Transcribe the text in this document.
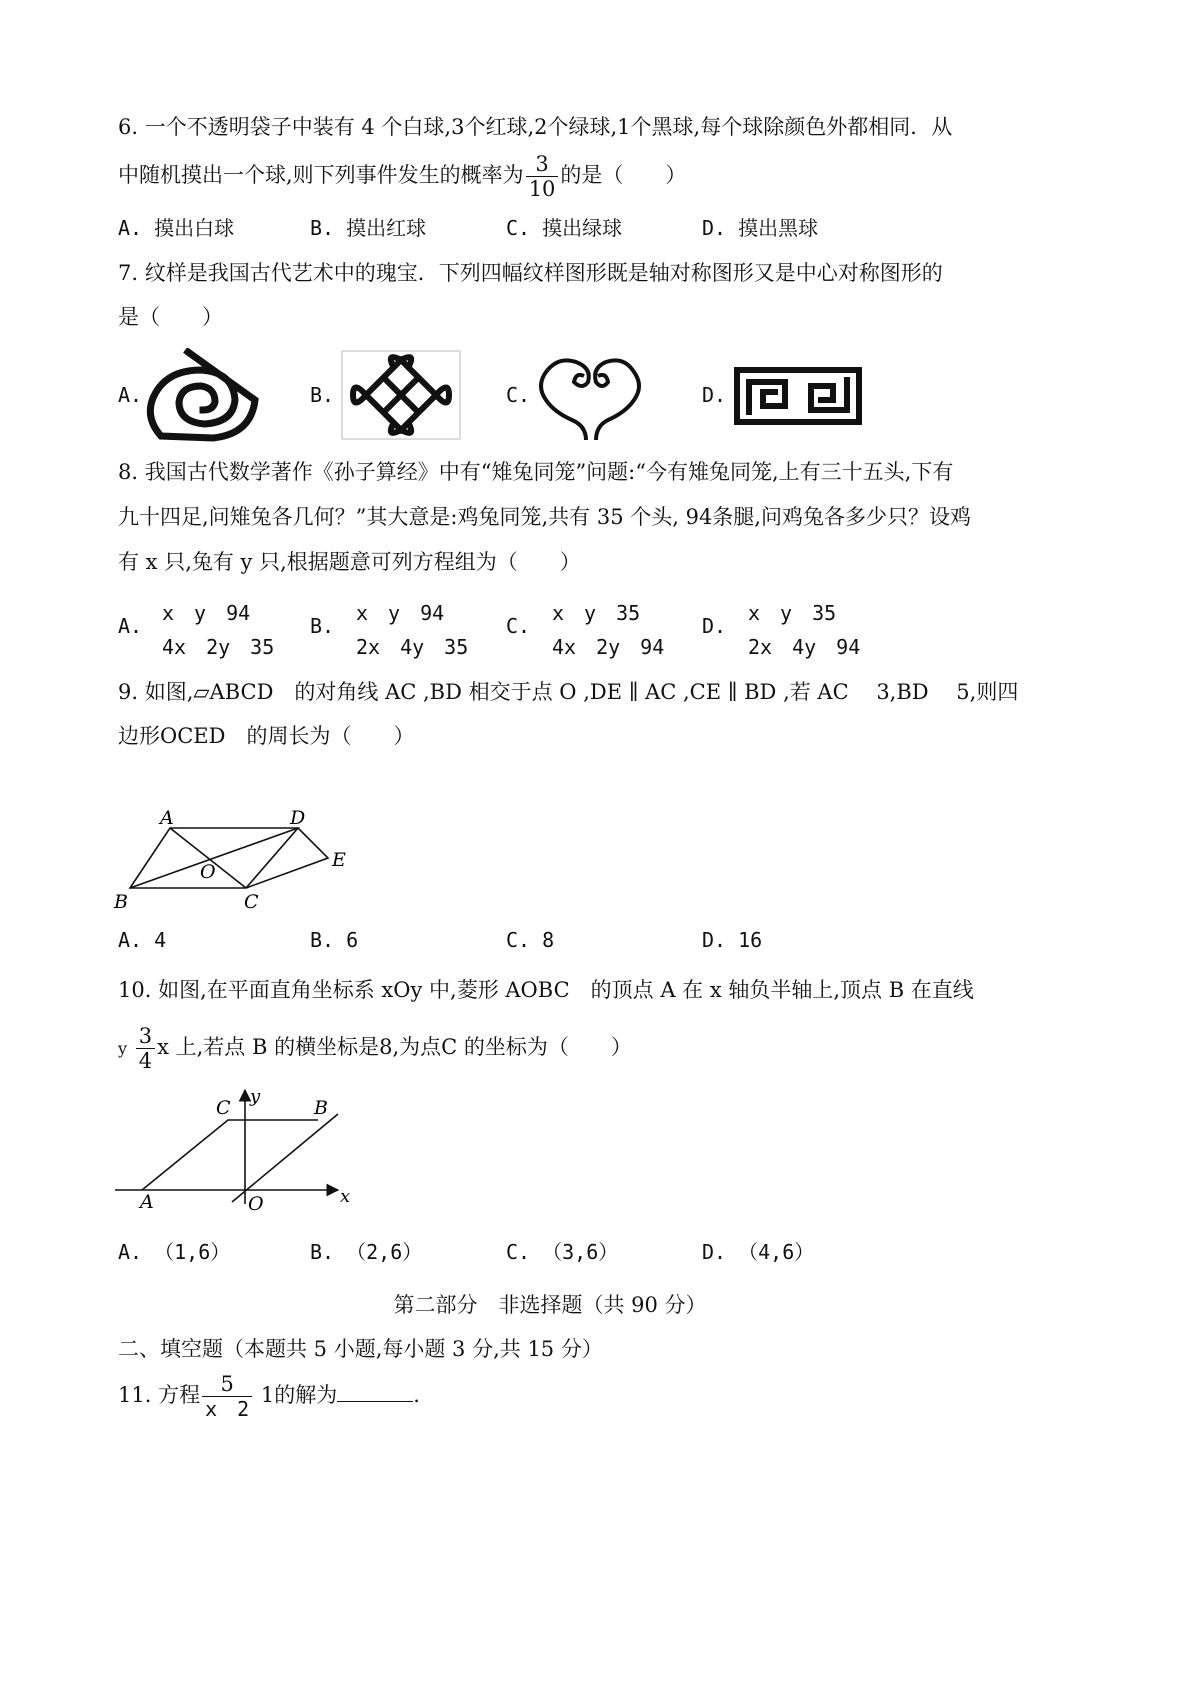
6. 一个不透明袋子中装有 4 个白球,3个红球,2个绿球,1个黑球,每个球除颜色外都相同．从
中随机摸出一个球,则下列事件发生的概率为 $\frac{3}{10}$ 的是（　　）
A. 摸出白球	B. 摸出红球	C. 摸出绿球	D. 摸出黑球
7. 纹样是我国古代艺术中的瑰宝．下列四幅纹样图形既是轴对称图形又是中心对称图形的
是（　　）
A.	B.	C.	D.
8. 我国古代数学著作《孙子算经》中有“雉兔同笼”问题:“今有雉兔同笼,上有三十五头,下有
九十四足,问雉兔各几何？”其大意是:鸡兔同笼,共有 35 个头, 94条腿,问鸡兔各多少只？设鸡
有 x 只,兔有 y 只,根据题意可列方程组为（　　）
A.
x　y　94
4x　2y　35
B.
x　y　94
2x　4y　35
C.
x　y　35
4x　2y　94
D.
x　y　35
2x　4y　94
9. 如图,▱ABCD　的对角线 AC ,BD 相交于点 O ,DE ∥ AC ,CE ∥ BD ,若 AC　 3,BD　 5,则四
边形OCED　的周长为（　　）
A	D
E
O
B	C
A. 4	B. 6	C. 8	D. 16
10. 如图,在平面直角坐标系 xOy 中,菱形 AOBC　的顶点 A 在 x 轴负半轴上,顶点 B 在直线
y $\frac{3}{4}$ x 上,若点 B 的横坐标是8,为点C 的坐标为（　　）
y
x
C	B
A	O
A. （1,6）	B. （2,6）	C. （3,6）	D. （4,6）
第二部分　非选择题（共 90 分）
二、填空题（本题共 5 小题,每小题 3 分,共 15 分）
11. 方程 $\frac{5}{x 2} 1$的解为	.
